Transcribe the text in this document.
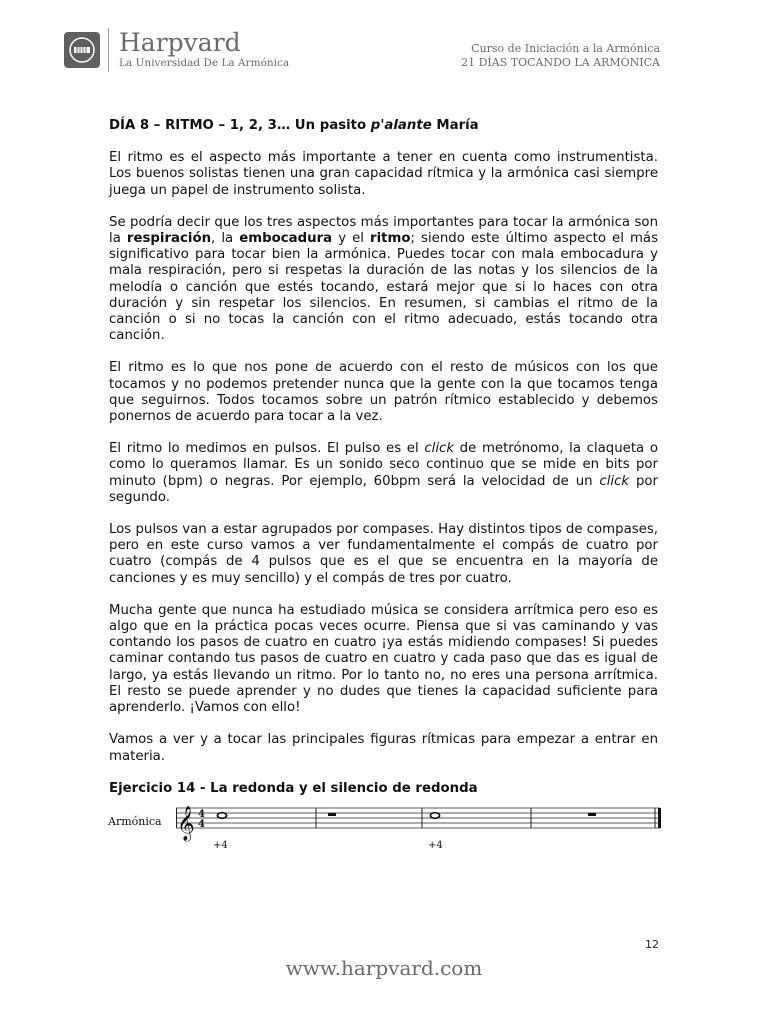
Harpvard
La Universidad De La Armónica
Curso de Iniciación a la Armónica
21 DÍAS TOCANDO LA ARMÓNICA
DÍA 8 – RITMO – 1, 2, 3… Un pasito p'alante María

El ritmo es el aspecto más importante a tener en cuenta como instrumentista. Los buenos solistas tienen una gran capacidad rítmica y la armónica casi siempre juega un papel de instrumento solista.

Se podría decir que los tres aspectos más importantes para tocar la armónica son la respiración, la embocadura y el ritmo; siendo este último aspecto el más significativo para tocar bien la armónica. Puedes tocar con mala embocadura y mala respiración, pero si respetas la duración de las notas y los silencios de la melodía o canción que estés tocando, estará mejor que si lo haces con otra duración y sin respetar los silencios. En resumen, si cambias el ritmo de la canción o si no tocas la canción con el ritmo adecuado, estás tocando otra canción.

El ritmo es lo que nos pone de acuerdo con el resto de músicos con los que tocamos y no podemos pretender nunca que la gente con la que tocamos tenga que seguirnos. Todos tocamos sobre un patrón rítmico establecido y debemos ponernos de acuerdo para tocar a la vez.

El ritmo lo medimos en pulsos. El pulso es el click de metrónomo, la claqueta o como lo queramos llamar. Es un sonido seco continuo que se mide en bits por minuto (bpm) o negras. Por ejemplo, 60bpm será la velocidad de un click por segundo.

Los pulsos van a estar agrupados por compases. Hay distintos tipos de compases, pero en este curso vamos a ver fundamentalmente el compás de cuatro por cuatro (compás de 4 pulsos que es el que se encuentra en la mayoría de canciones y es muy sencillo) y el compás de tres por cuatro.

Mucha gente que nunca ha estudiado música se considera arrítmica pero eso es algo que en la práctica pocas veces ocurre. Piensa que si vas caminando y vas contando los pasos de cuatro en cuatro ¡ya estás midiendo compases! Si puedes caminar contando tus pasos de cuatro en cuatro y cada paso que das es igual de largo, ya estás llevando un ritmo. Por lo tanto no, no eres una persona arrítmica. El resto se puede aprender y no dudes que tienes la capacidad suficiente para aprenderlo. ¡Vamos con ello!

Vamos a ver y a tocar las principales figuras rítmicas para empezar a entrar en materia.

Ejercicio 14 - La redonda y el silencio de redonda
Armónica 𝄞 4
4
+4	+4
12
www.harpvard.com
